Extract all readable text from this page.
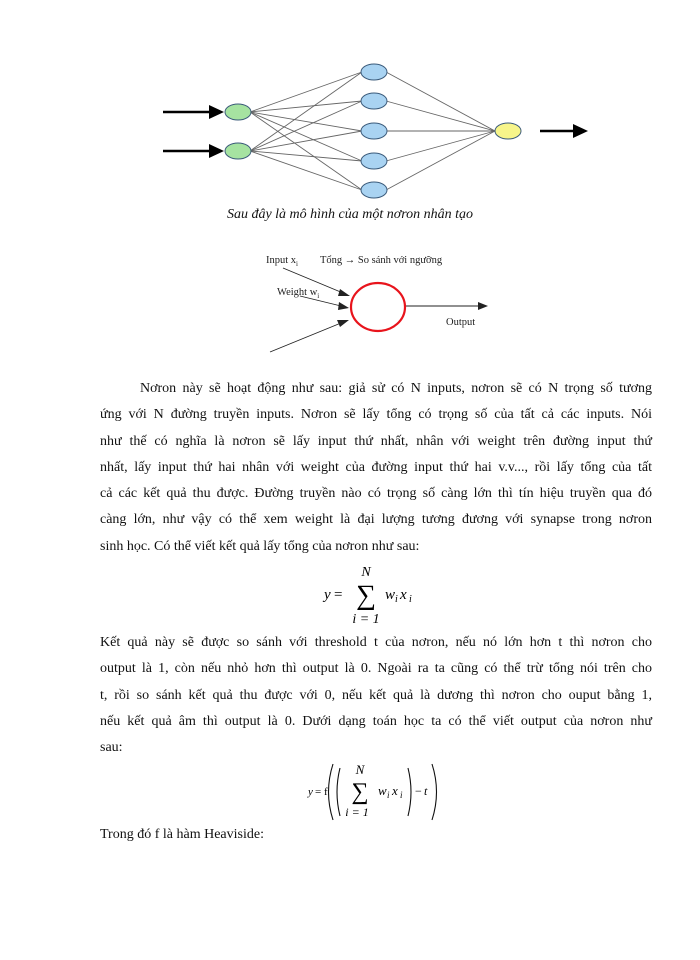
Sau đây là mô hình của một nơron nhân tạo
Input $x_i$ Tổng → So sánh với ngưỡng
Weight $w_i$
Output
Nơron này sẽ hoạt động như sau: giả sử có N inputs, nơron sẽ có N trọng số tương
ứng với N đường truyền inputs. Nơron sẽ lấy tổng có trọng số của tất cả các inputs. Nói
như thế có nghĩa là nơron sẽ lấy input thứ nhất, nhân với weight trên đường input thứ
nhất, lấy input thứ hai nhân với weight của đường input thứ hai v.v..., rồi lấy tổng của tất
cả các kết quả thu được. Đường truyền nào có trọng số càng lớn thì tín hiệu truyền qua đó
càng lớn, như vậy có thể xem weight là đại lượng tương đương với synapse trong nơron
sinh học. Có thể viết kết quả lấy tổng của nơron như sau:
y =
N
∑
i = 1
w i x i
Kết quả này sẽ được so sánh với threshold t của nơron, nếu nó lớn hơn t thì nơron cho
output là 1, còn nếu nhỏ hơn thì output là 0. Ngoài ra ta cũng có thể trừ tổng nói trên cho
t, rồi so sánh kết quả thu được với 0, nếu kết quả là dương thì nơron cho ouput bằng 1,
nếu kết quả âm thì output là 0. Dưới dạng toán học ta có thể viết output của nơron như
sau:
y = f
N
∑
i = 1
w i x i − t
Trong đó f là hàm Heaviside:
